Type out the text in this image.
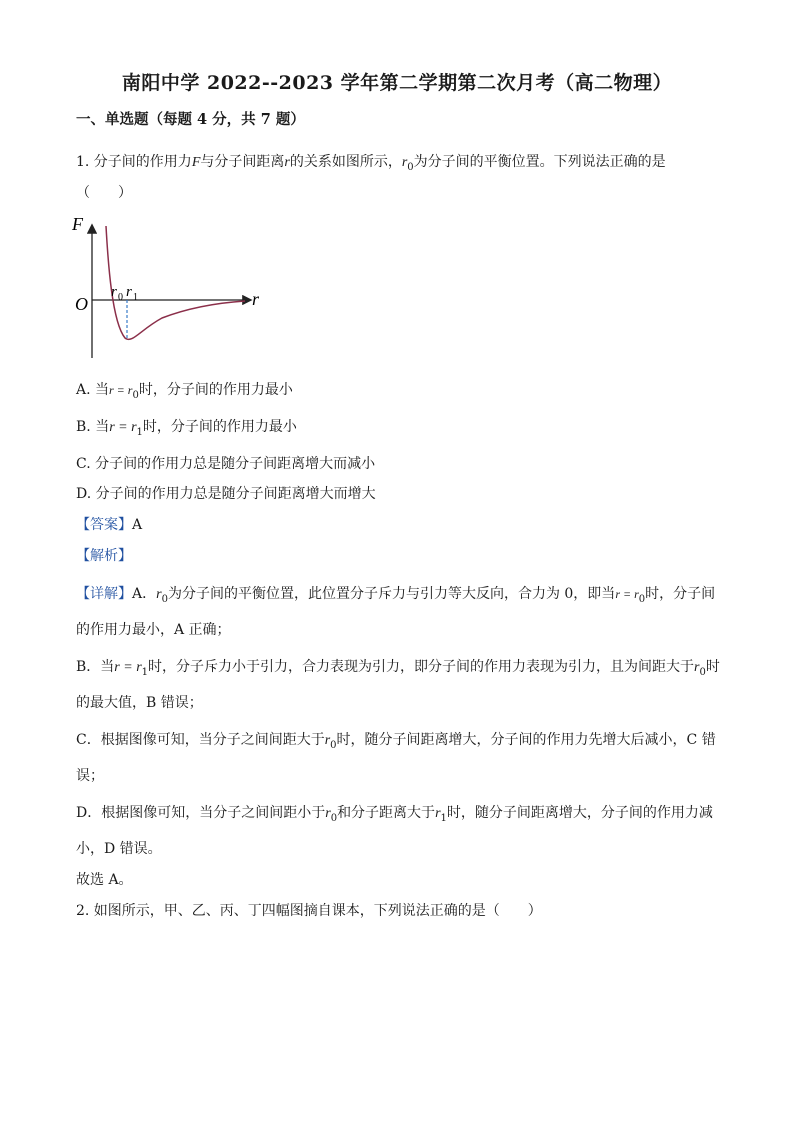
南阳中学 2022--2023 学年第二学期第二次月考（高二物理）
一、单选题（每题 4 分，共 7 题）
1. 分子间的作用力F与分子间距离r的关系如图所示，$r_0$为分子间的平衡位置。下列说法正确的是
（　　）
F
r
O
r 0 r 1
A. 当$r = r_0$时，分子间的作用力最小
B. 当$r = r_1$时，分子间的作用力最小
C. 分子间的作用力总是随分子间距离增大而减小
D. 分子间的作用力总是随分子间距离增大而增大
【答案】A
【解析】
【详解】A．$r_0$为分子间的平衡位置，此位置分子斥力与引力等大反向，合力为 0，即当$r = r_0$时，分子间
的作用力最小，A 正确；
B．当$r = r_1$时，分子斥力小于引力，合力表现为引力，即分子间的作用力表现为引力，且为间距大于$r_0$时
的最大值，B 错误；
C．根据图像可知，当分子之间间距大于$r_0$时，随分子间距离增大，分子间的作用力先增大后减小，C 错
误；
D．根据图像可知，当分子之间间距小于$r_0$和分子距离大于$r_1$时，随分子间距离增大，分子间的作用力减
小，D 错误。
故选 A。
2. 如图所示，甲、乙、丙、丁四幅图摘自课本，下列说法正确的是（　　）
